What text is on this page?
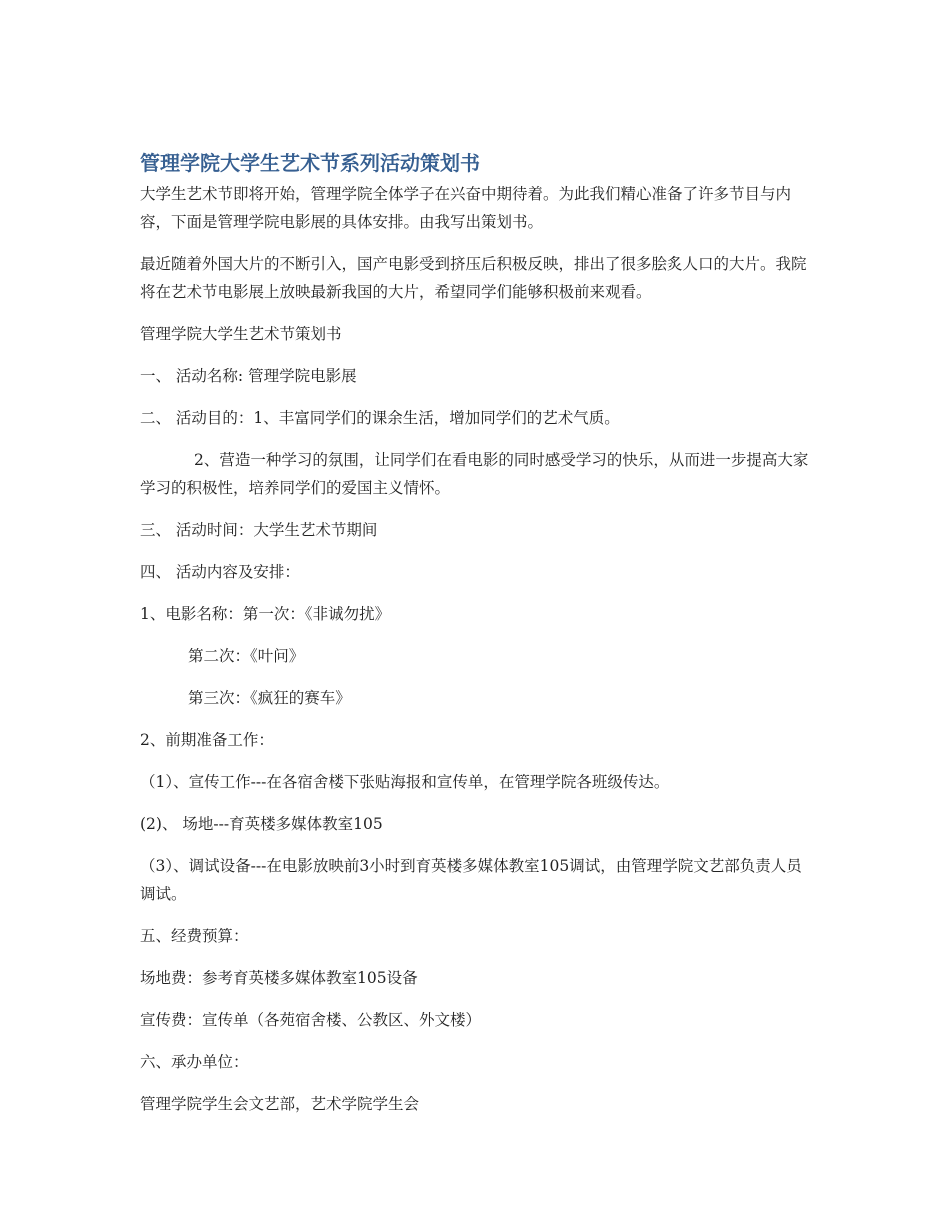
管理学院大学生艺术节系列活动策划书

大学生艺术节即将开始，管理学院全体学子在兴奋中期待着。为此我们精心准备了许多节目与内容，下面是管理学院电影展的具体安排。由我写出策划书。

最近随着外国大片的不断引入，国产电影受到挤压后积极反映，排出了很多脍炙人口的大片。我院将在艺术节电影展上放映最新我国的大片，希望同学们能够积极前来观看。

管理学院大学生艺术节策划书

一、 活动名称: 管理学院电影展

二、 活动目的：1、丰富同学们的课余生活，增加同学们的艺术气质。

2、营造一种学习的氛围，让同学们在看电影的同时感受学习的快乐，从而进一步提高大家学习的积极性，培养同学们的爱国主义情怀。

三、 活动时间：大学生艺术节期间

四、 活动内容及安排：

1、电影名称：第一次：《非诚勿扰》

第二次：《叶问》

第三次：《疯狂的赛车》

2、前期准备工作：

（1）、宣传工作---在各宿舍楼下张贴海报和宣传单，在管理学院各班级传达。

(2)、 场地---育英楼多媒体教室105

（3）、调试设备---在电影放映前3小时到育英楼多媒体教室105调试，由管理学院文艺部负责人员调试。

五、经费预算：

场地费：参考育英楼多媒体教室105设备

宣传费：宣传单（各苑宿舍楼、公教区、外文楼）

六、承办单位：

管理学院学生会文艺部，艺术学院学生会
